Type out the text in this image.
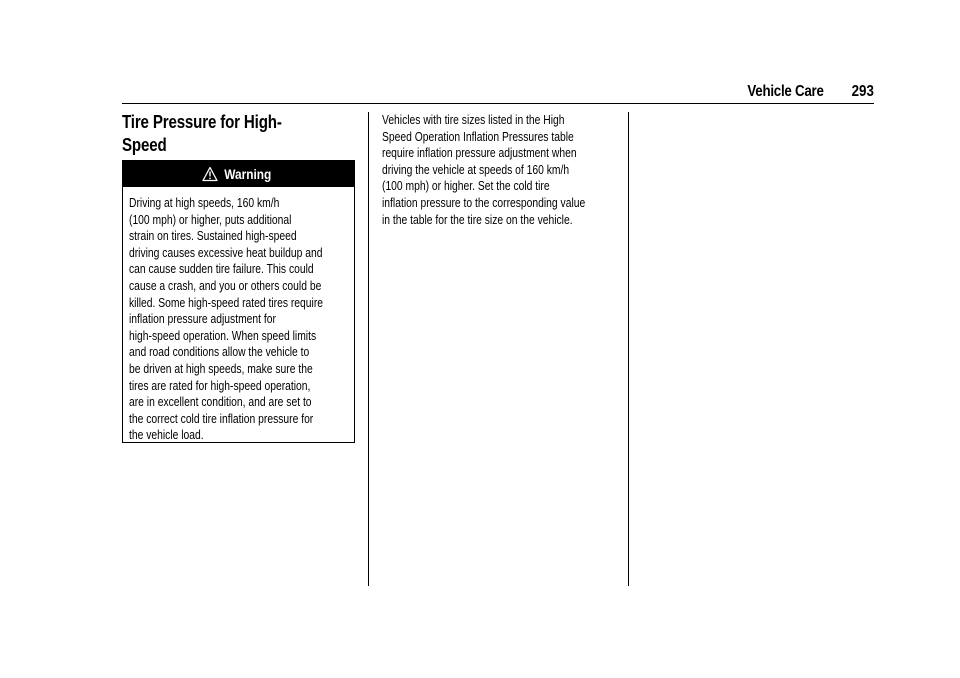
Vehicle Care 293
Tire Pressure for High-Speed
Warning
Driving at high speeds, 160 km/h
(100 mph) or higher, puts additional
strain on tires. Sustained high-speed
driving causes excessive heat buildup and
can cause sudden tire failure. This could
cause a crash, and you or others could be
killed. Some high-speed rated tires require
inflation pressure adjustment for
high-speed operation. When speed limits
and road conditions allow the vehicle to
be driven at high speeds, make sure the
tires are rated for high-speed operation,
are in excellent condition, and are set to
the correct cold tire inflation pressure for
the vehicle load.
Vehicles with tire sizes listed in the High
Speed Operation Inflation Pressures table
require inflation pressure adjustment when
driving the vehicle at speeds of 160 km/h
(100 mph) or higher. Set the cold tire
inflation pressure to the corresponding value
in the table for the tire size on the vehicle.
